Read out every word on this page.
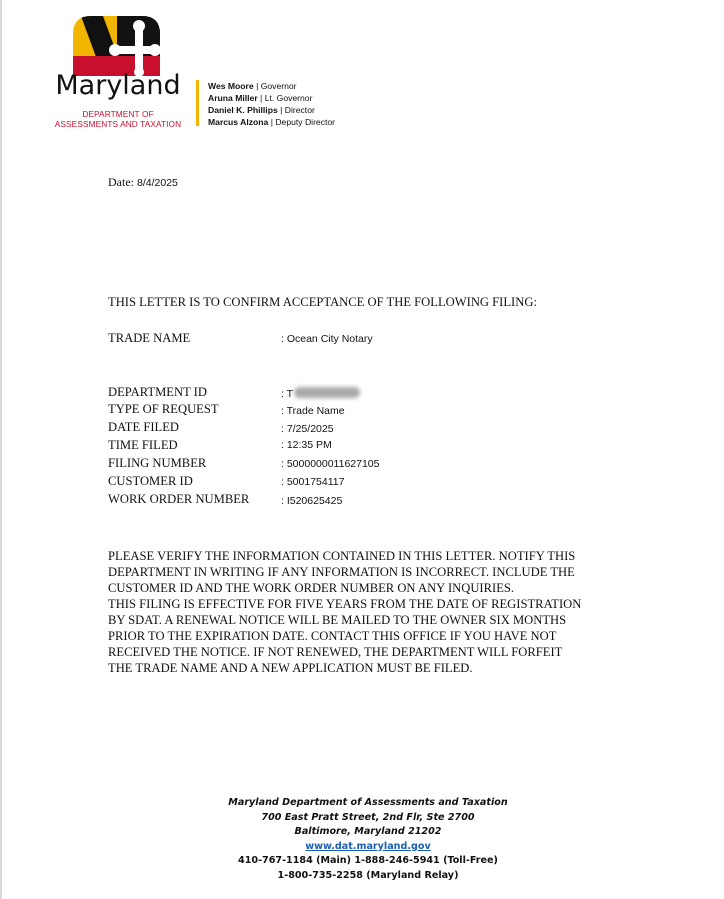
Maryland
DEPARTMENT OF
ASSESSMENTS AND TAXATION
Wes Moore | Governor
Aruna Miller | Lt. Governor
Daniel K. Phillips | Director
Marcus Alzona | Deputy Director
Date: 8/4/2025
THIS LETTER IS TO CONFIRM ACCEPTANCE OF THE FOLLOWING FILING:
TRADE NAME	: Ocean City Notary
DEPARTMENT ID	: T
TYPE OF REQUEST	: Trade Name
DATE FILED	: 7/25/2025
TIME FILED	: 12:35 PM
FILING NUMBER	: 5000000011627105
CUSTOMER ID	: 5001754117
WORK ORDER NUMBER	: I520625425
PLEASE VERIFY THE INFORMATION CONTAINED IN THIS LETTER. NOTIFY THIS
DEPARTMENT IN WRITING IF ANY INFORMATION IS INCORRECT. INCLUDE THE
CUSTOMER ID AND THE WORK ORDER NUMBER ON ANY INQUIRIES.
THIS FILING IS EFFECTIVE FOR FIVE YEARS FROM THE DATE OF REGISTRATION
BY SDAT. A RENEWAL NOTICE WILL BE MAILED TO THE OWNER SIX MONTHS
PRIOR TO THE EXPIRATION DATE. CONTACT THIS OFFICE IF YOU HAVE NOT
RECEIVED THE NOTICE. IF NOT RENEWED, THE DEPARTMENT WILL FORFEIT
THE TRADE NAME AND A NEW APPLICATION MUST BE FILED.
Maryland Department of Assessments and Taxation
700 East Pratt Street, 2nd Flr, Ste 2700
Baltimore, Maryland 21202
www.dat.maryland.gov
410-767-1184 (Main) 1-888-246-5941 (Toll-Free)
1-800-735-2258 (Maryland Relay)
